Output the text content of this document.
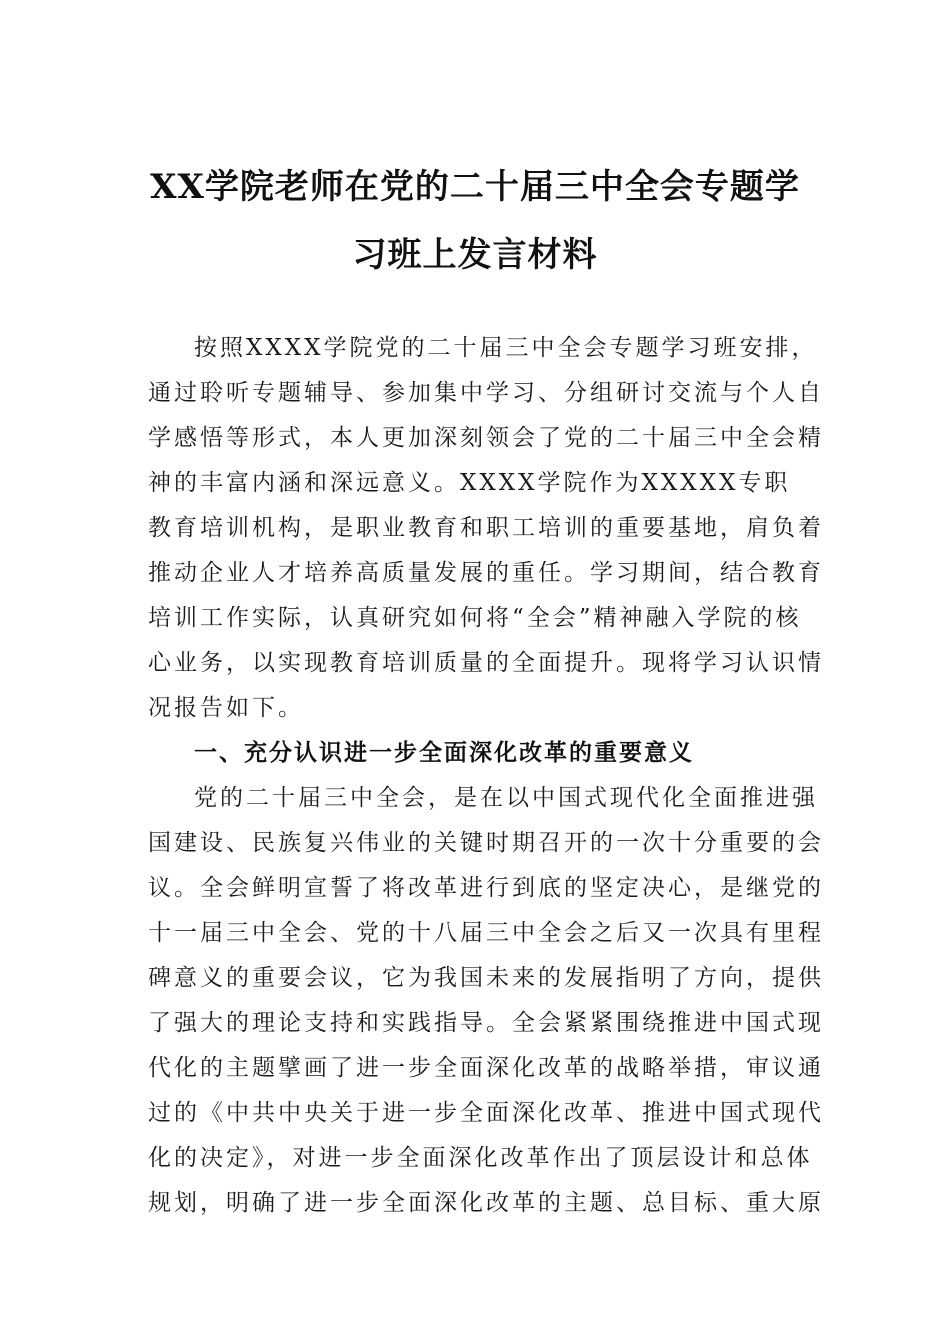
XX学院老师在党的二十届三中全会专题学
习班上发言材料
按照XXXX学院党的二十届三中全会专题学习班安排，
通过聆听专题辅导、参加集中学习、分组研讨交流与个人自
学感悟等形式，本人更加深刻领会了党的二十届三中全会精
神的丰富内涵和深远意义。XXXX学院作为XXXXX专职
教育培训机构，是职业教育和职工培训的重要基地，肩负着
推动企业人才培养高质量发展的重任。学习期间，结合教育
培训工作实际，认真研究如何将“全会”精神融入学院的核
心业务，以实现教育培训质量的全面提升。现将学习认识情
况报告如下。
一、充分认识进一步全面深化改革的重要意义
党的二十届三中全会，是在以中国式现代化全面推进强
国建设、民族复兴伟业的关键时期召开的一次十分重要的会
议。全会鲜明宣誓了将改革进行到底的坚定决心，是继党的
十一届三中全会、党的十八届三中全会之后又一次具有里程
碑意义的重要会议，它为我国未来的发展指明了方向，提供
了强大的理论支持和实践指导。全会紧紧围绕推进中国式现
代化的主题擘画了进一步全面深化改革的战略举措，审议通
过的《中共中央关于进一步全面深化改革、推进中国式现代
化的决定》，对进一步全面深化改革作出了顶层设计和总体
规划，明确了进一步全面深化改革的主题、总目标、重大原
